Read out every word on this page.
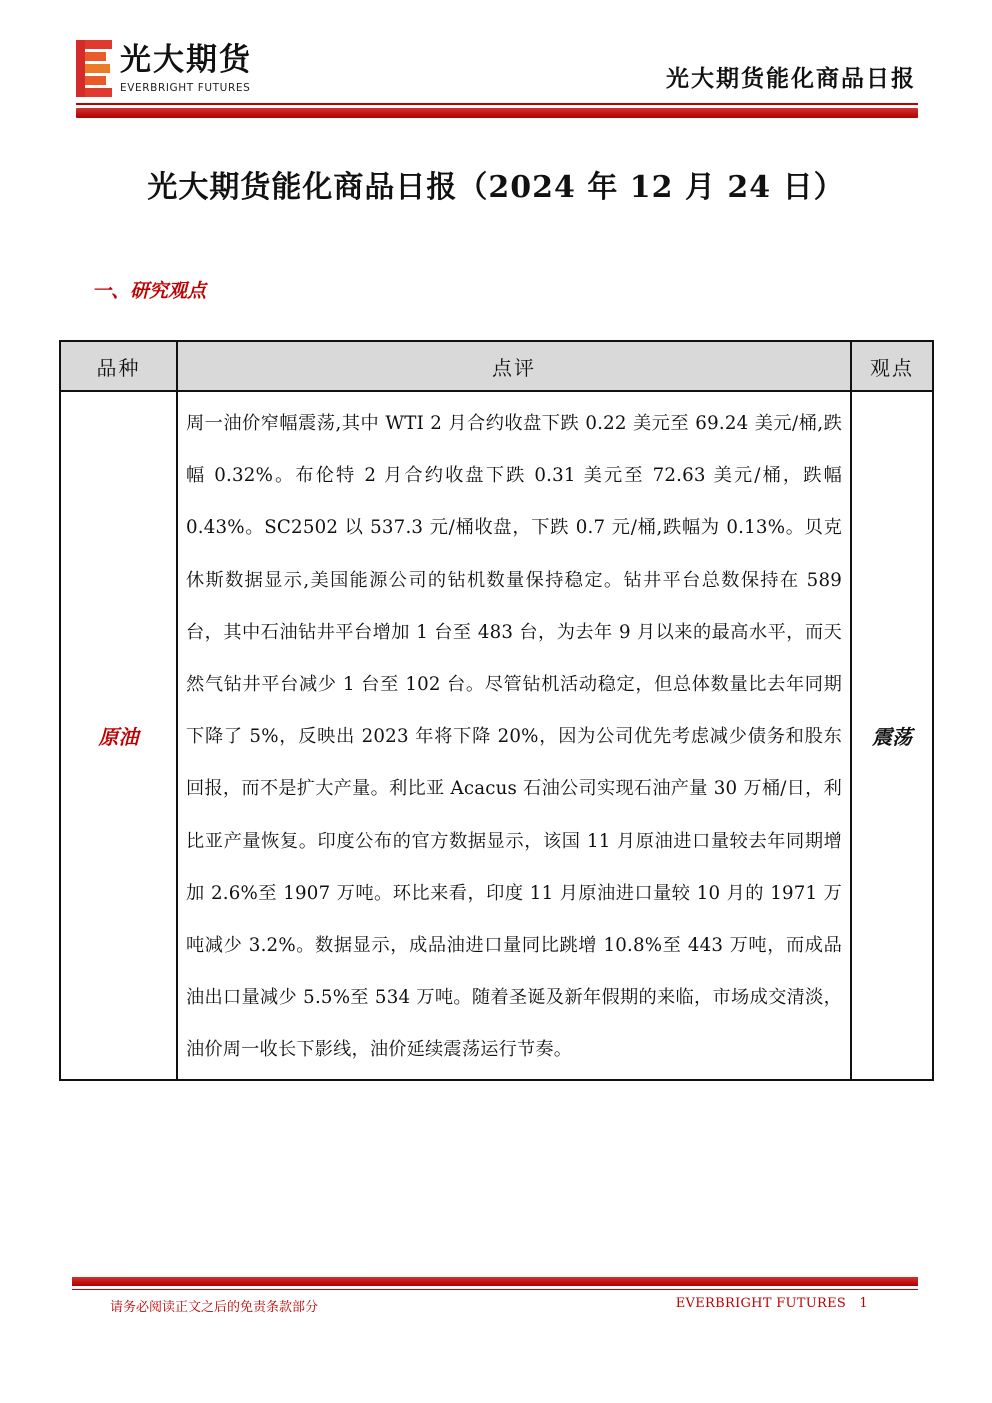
光大期货
EVERBRIGHT FUTURES	光大期货能化商品日报
光大期货能化商品日报（2024 年 12 月 24 日）
一、研究观点
品种	点评	观点
原油	周一油价窄幅震荡,其中 WTI 2 月合约收盘下跌 0.22 美元至 69.24 美元/桶,跌幅 0.32%。布伦特 2 月合约收盘下跌 0.31 美元至 72.63 美元/桶，跌幅 0.43%。SC2502 以 537.3 元/桶收盘，下跌 0.7 元/桶,跌幅为 0.13%。贝克休斯数据显示,美国能源公司的钻机数量保持稳定。钻井平台总数保持在 589 台，其中石油钻井平台增加 1 台至 483 台，为去年 9 月以来的最高水平，而天然气钻井平台减少 1 台至 102 台。尽管钻机活动稳定，但总体数量比去年同期下降了 5%，反映出 2023 年将下降 20%，因为公司优先考虑减少债务和股东回报，而不是扩大产量。利比亚 Acacus 石油公司实现石油产量 30 万桶/日，利比亚产量恢复。印度公布的官方数据显示，该国 11 月原油进口量较去年同期增加 2.6%至 1907 万吨。环比来看，印度 11 月原油进口量较 10 月的 1971 万吨减少 3.2%。数据显示，成品油进口量同比跳增 10.8%至 443 万吨，而成品油出口量减少 5.5%至 534 万吨。随着圣诞及新年假期的来临，市场成交清淡，油价周一收长下影线，油价延续震荡运行节奏。	震荡
请务必阅读正文之后的免责条款部分	EVERBRIGHT FUTURES 1
